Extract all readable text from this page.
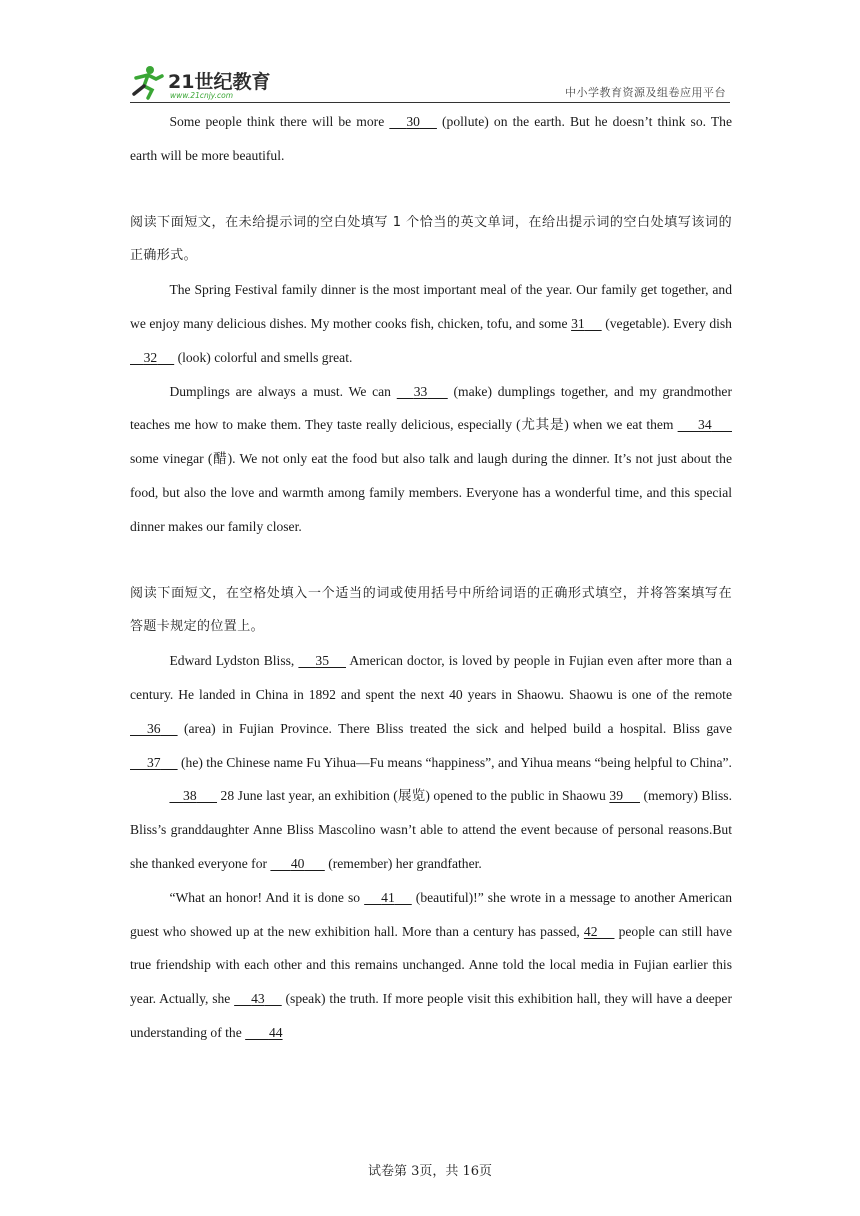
21世纪教育
www.21cnjy.com	中小学教育资源及组卷应用平台

Some people think there will be more      30      (pollute) on the earth. But he doesn’t think so. The earth will be more beautiful.

阅读下面短文，在未给提示词的空白处填写 1 个恰当的英文单词，在给出提示词的空白处填写该词的正确形式。

The Spring Festival family dinner is the most important meal of the year. Our family get together, and we enjoy many delicious dishes. My mother cooks fish, chicken, tofu, and some 31      (vegetable). Every dish     32      (look) colorful and smells great.

Dumplings are always a must. We can      33       (make) dumplings together, and my grandmother teaches me how to make them. They taste really delicious, especially (尤其是) when we eat them       34       some vinegar (醋). We not only eat the food but also talk and laugh during the dinner. It’s not just about the food, but also the love and warmth among family members. Everyone has a wonderful time, and this special dinner makes our family closer.

阅读下面短文，在空格处填入一个适当的词或使用括号中所给词语的正确形式填空，并将答案填写在答题卡规定的位置上。

Edward Lydston Bliss,      35      American doctor, is loved by people in Fujian even after more than a century. He landed in China in 1892 and spent the next 40 years in Shaowu. Shaowu is one of the remote      36      (area) in Fujian Province. There Bliss treated the sick and helped build a hospital. Bliss gave      37      (he) the Chinese name Fu Yihua—Fu means “happiness”, and Yihua means “being helpful to China”.

38       28 June last year, an exhibition (展览) opened to the public in Shaowu 39      (memory) Bliss. Bliss’s granddaughter Anne Bliss Mascolino wasn’t able to attend the event because of personal reasons.But she thanked everyone for       40       (remember) her grandfather.

“What an honor! And it is done so      41      (beautiful)!” she wrote in a message to another American guest who showed up at the new exhibition hall. More than a century has passed, 42      people can still have true friendship with each other and this remains unchanged. Anne told the local media in Fujian earlier this year. Actually, she      43      (speak) the truth. If more people visit this exhibition hall, they will have a deeper understanding of the        44

试卷第 3页，共 16页
